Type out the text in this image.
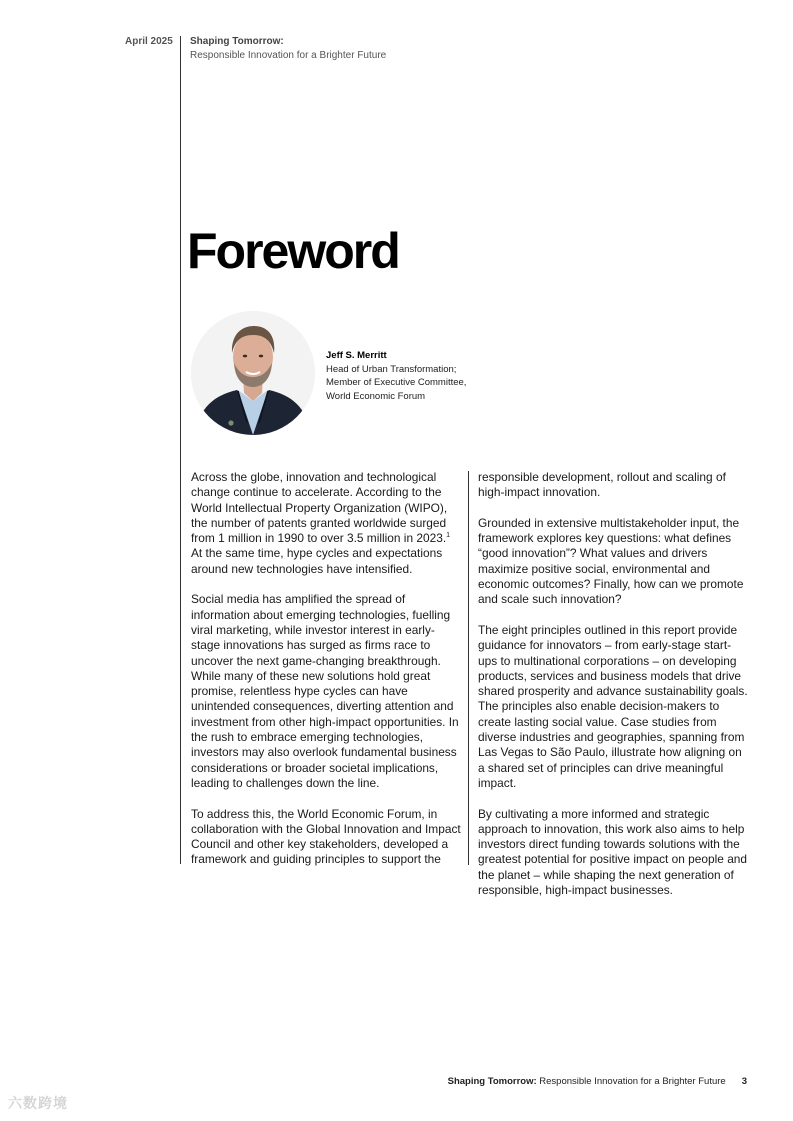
April 2025 Shaping Tomorrow:
Responsible Innovation for a Brighter Future
Foreword
Jeff S. Merritt
Head of Urban Transformation;
Member of Executive Committee,
World Economic Forum

Across the globe, innovation and technological change continue to accelerate. According to the World Intellectual Property Organization (WIPO), the number of patents granted worldwide surged from 1 million in 1990 to over 3.5 million in 2023.$^1$ At the same time, hype cycles and expectations around new technologies have intensified.

Social media has amplified the spread of information about emerging technologies, fuelling viral marketing, while investor interest in early-stage innovations has surged as firms race to uncover the next game-changing breakthrough. While many of these new solutions hold great promise, relentless hype cycles can have unintended consequences, diverting attention and investment from other high-impact opportunities. In the rush to embrace emerging technologies, investors may also overlook fundamental business considerations or broader societal implications, leading to challenges down the line.

To address this, the World Economic Forum, in collaboration with the Global Innovation and Impact Council and other key stakeholders, developed a framework and guiding principles to support the

responsible development, rollout and scaling of high-impact innovation.

Grounded in extensive multistakeholder input, the framework explores key questions: what defines “good innovation”? What values and drivers maximize positive social, environmental and economic outcomes? Finally, how can we promote and scale such innovation?

The eight principles outlined in this report provide guidance for innovators – from early-stage start-ups to multinational corporations – on developing products, services and business models that drive shared prosperity and advance sustainability goals. The principles also enable decision-makers to create lasting social value. Case studies from diverse industries and geographies, spanning from Las Vegas to São Paulo, illustrate how aligning on a shared set of principles can drive meaningful impact.

By cultivating a more informed and strategic approach to innovation, this work also aims to help investors direct funding towards solutions with the greatest potential for positive impact on people and the planet – while shaping the next generation of responsible, high-impact businesses.

Shaping Tomorrow: Responsible Innovation for a Brighter Future 3
六数跨境
